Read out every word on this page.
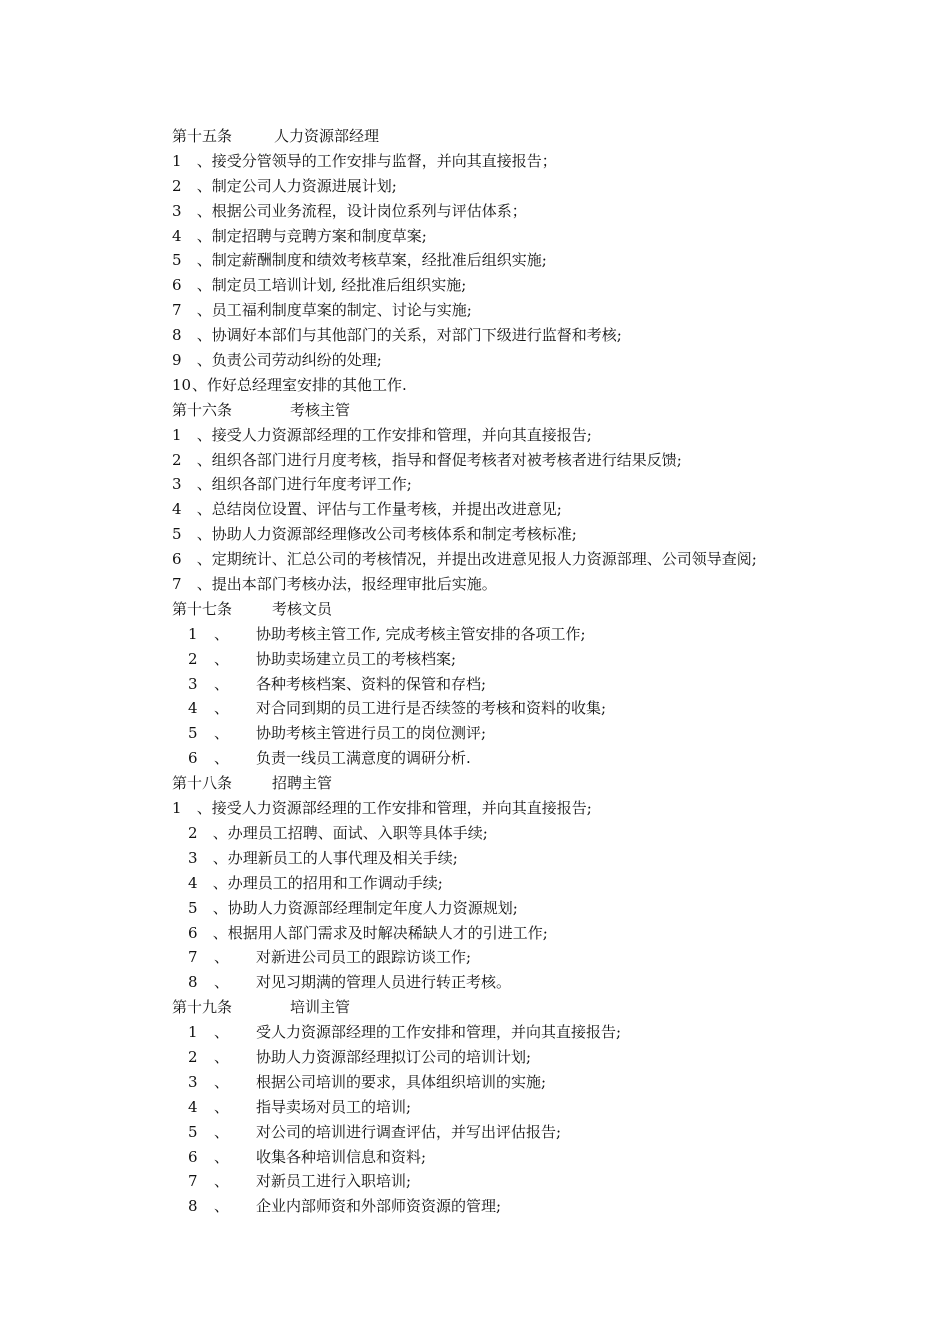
第十五条	人力资源部经理
1 、接受分管领导的工作安排与监督，并向其直接报告；
2 、制定公司人力资源进展计划;
3 、根据公司业务流程，设计岗位系列与评估体系；
4 、制定招聘与竞聘方案和制度草案;
5 、制定薪酬制度和绩效考核草案，经批准后组织实施;
6 、制定员工培训计划, 经批准后组织实施;
7 、员工福利制度草案的制定、讨论与实施;
8 、协调好本部们与其他部门的关系，对部门下级进行监督和考核;
9 、负责公司劳动纠纷的处理;
10、作好总经理室安排的其他工作.
第十六条	考核主管
1 、接受人力资源部经理的工作安排和管理，并向其直接报告;
2 、组织各部门进行月度考核，指导和督促考核者对被考核者进行结果反馈;
3 、组织各部门进行年度考评工作;
4 、总结岗位设置、评估与工作量考核，并提出改进意见;
5 、协助人力资源部经理修改公司考核体系和制定考核标准;
6 、定期统计、汇总公司的考核情况，并提出改进意见报人力资源部理、公司领导查阅;
7 、提出本部门考核办法，报经理审批后实施。
第十七条	考核文员
1 、 协助考核主管工作, 完成考核主管安排的各项工作;
2 、 协助卖场建立员工的考核档案;
3 、 各种考核档案、资料的保管和存档;
4 、 对合同到期的员工进行是否续签的考核和资料的收集;
5 、 协助考核主管进行员工的岗位测评;
6 、 负责一线员工满意度的调研分析.
第十八条	招聘主管
1 、接受人力资源部经理的工作安排和管理，并向其直接报告;
2 、办理员工招聘、面试、入职等具体手续;
3 、办理新员工的人事代理及相关手续;
4 、办理员工的招用和工作调动手续;
5 、协助人力资源部经理制定年度人力资源规划;
6 、根据用人部门需求及时解决稀缺人才的引进工作;
7 、 对新进公司员工的跟踪访谈工作;
8 、 对见习期满的管理人员进行转正考核。
第十九条	培训主管
1 、 受人力资源部经理的工作安排和管理，并向其直接报告;
2 、 协助人力资源部经理拟订公司的培训计划;
3 、 根据公司培训的要求，具体组织培训的实施;
4 、 指导卖场对员工的培训;
5 、 对公司的培训进行调查评估，并写出评估报告;
6 、 收集各种培训信息和资料;
7 、 对新员工进行入职培训;
8 、 企业内部师资和外部师资资源的管理;
